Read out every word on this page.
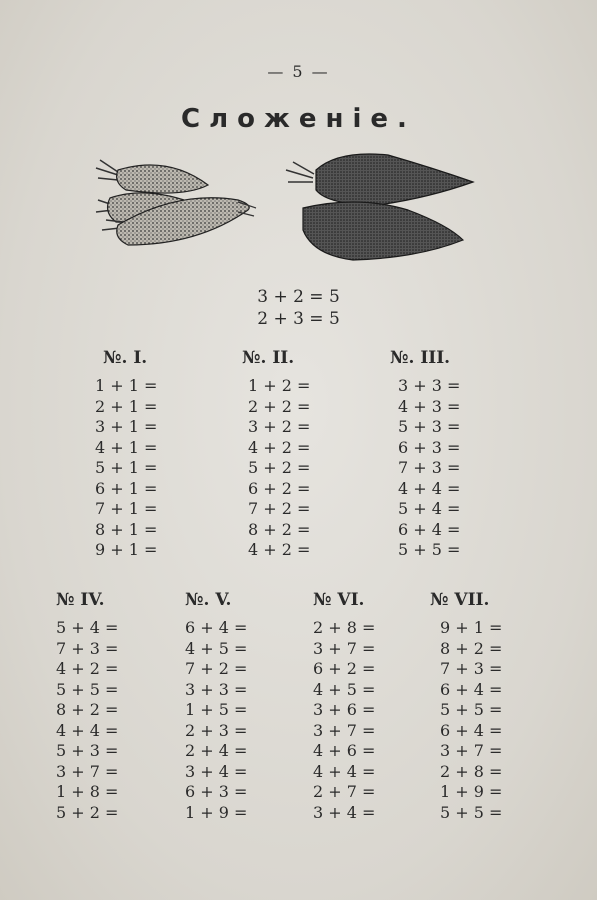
— 5 —
Сложеніе.
3 + 2 = 5
2 + 3 = 5
№. I.
1 + 1 =
2 + 1 =
3 + 1 =
4 + 1 =
5 + 1 =
6 + 1 =
7 + 1 =
8 + 1 =
9 + 1 =
№. II.
1 + 2 =
2 + 2 =
3 + 2 =
4 + 2 =
5 + 2 =
6 + 2 =
7 + 2 =
8 + 2 =
4 + 2 =
№. III.
3 + 3 =
4 + 3 =
5 + 3 =
6 + 3 =
7 + 3 =
4 + 4 =
5 + 4 =
6 + 4 =
5 + 5 =
№ IV.
5 + 4 =
7 + 3 =
4 + 2 =
5 + 5 =
8 + 2 =
4 + 4 =
5 + 3 =
3 + 7 =
1 + 8 =
5 + 2 =
№. V.
6 + 4 =
4 + 5 =
7 + 2 =
3 + 3 =
1 + 5 =
2 + 3 =
2 + 4 =
3 + 4 =
6 + 3 =
1 + 9 =
№ VI.
2 + 8 =
3 + 7 =
6 + 2 =
4 + 5 =
3 + 6 =
3 + 7 =
4 + 6 =
4 + 4 =
2 + 7 =
3 + 4 =
№ VII.
9 + 1 =
8 + 2 =
7 + 3 =
6 + 4 =
5 + 5 =
6 + 4 =
3 + 7 =
2 + 8 =
1 + 9 =
5 + 5 =
